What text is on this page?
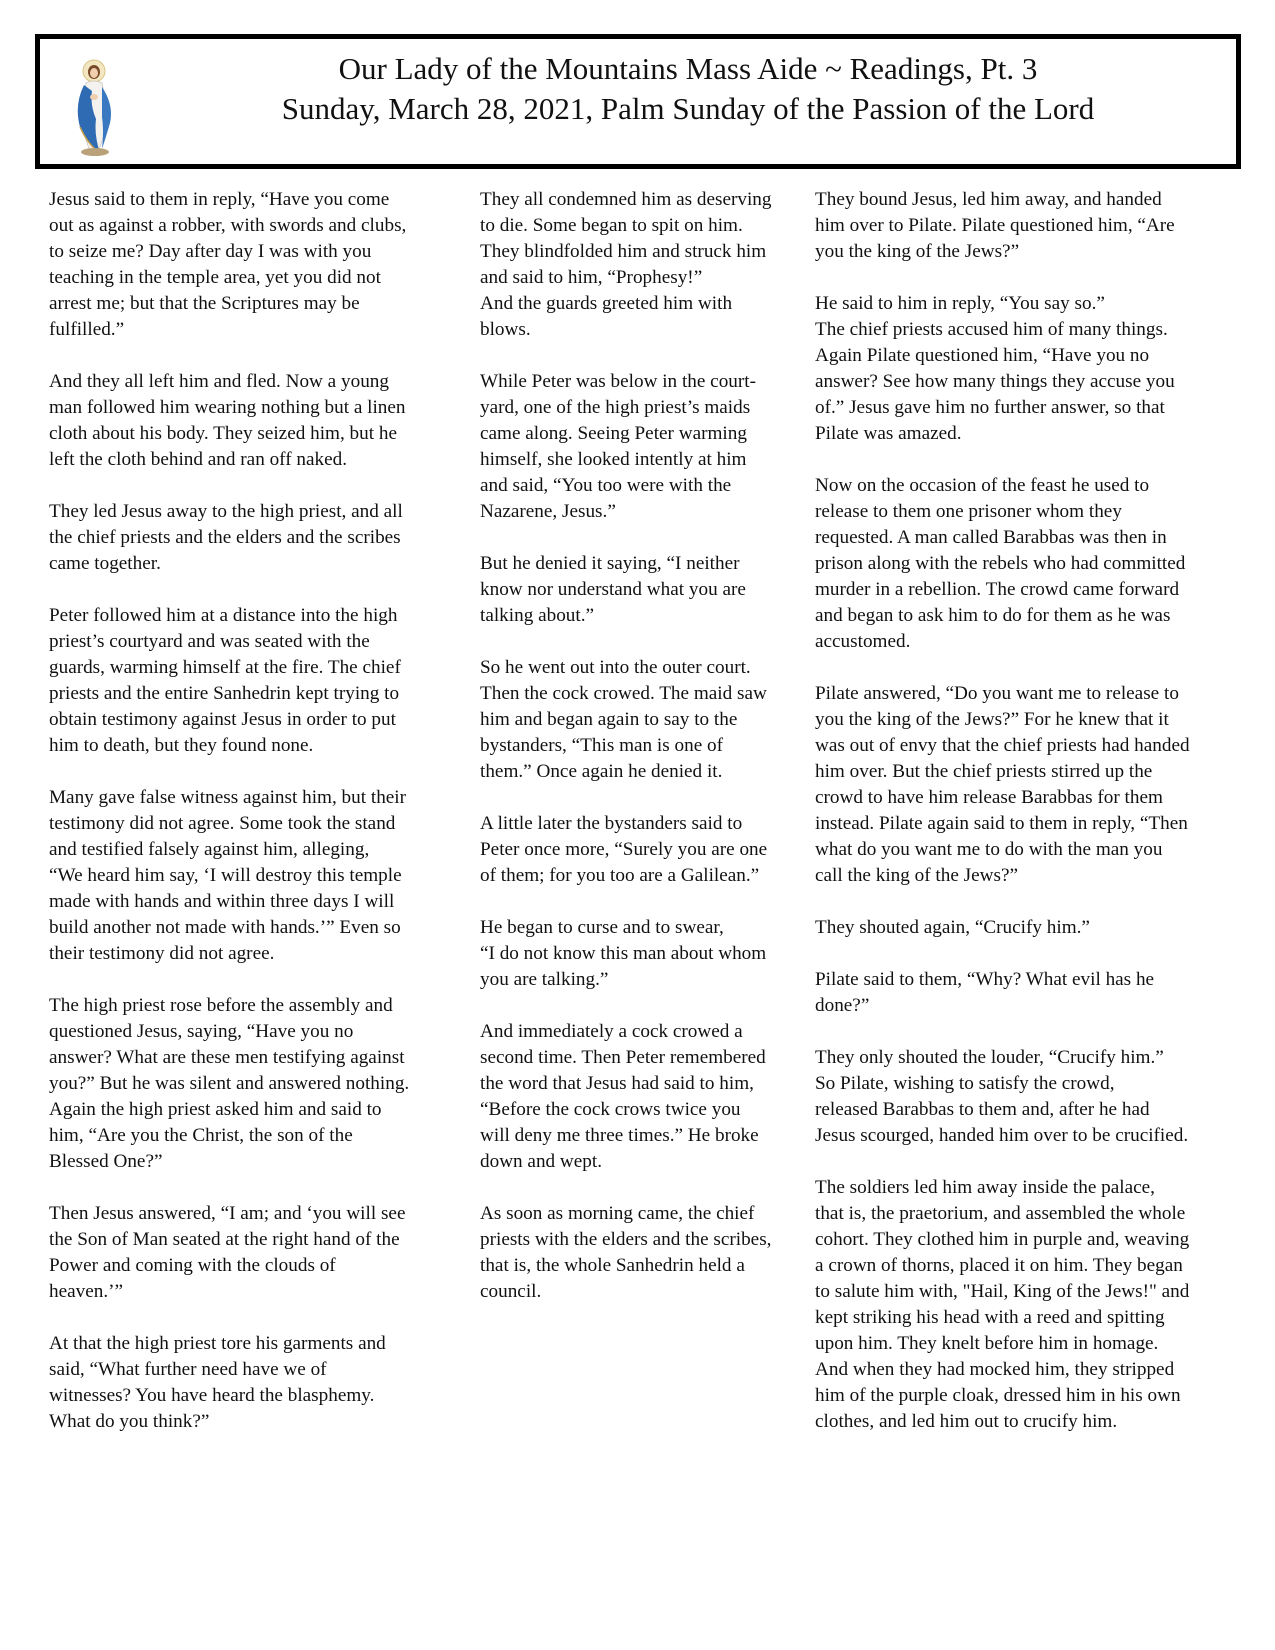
Our Lady of the Mountains Mass Aide ~ Readings, Pt. 3
Sunday, March 28, 2021, Palm Sunday of the Passion of the Lord

Jesus said to them in reply, “Have you come
out as against a robber, with swords and clubs,
to seize me? Day after day I was with you
teaching in the temple area, yet you did not
arrest me; but that the Scriptures may be
fulfilled.”

And they all left him and fled. Now a young
man followed him wearing nothing but a linen
cloth about his body. They seized him, but he
left the cloth behind and ran off naked.

They led Jesus away to the high priest, and all
the chief priests and the elders and the scribes
came together.

Peter followed him at a distance into the high
priest’s courtyard and was seated with the
guards, warming himself at the fire. The chief
priests and the entire Sanhedrin kept trying to
obtain testimony against Jesus in order to put
him to death, but they found none.

Many gave false witness against him, but their
testimony did not agree. Some took the stand
and testified falsely against him, alleging,
“We heard him say, ‘I will destroy this temple
made with hands and within three days I will
build another not made with hands.’” Even so
their testimony did not agree.

The high priest rose before the assembly and
questioned Jesus, saying, “Have you no
answer? What are these men testifying against
you?” But he was silent and answered nothing.
Again the high priest asked him and said to
him, “Are you the Christ, the son of the
Blessed One?”

Then Jesus answered, “I am; and ‘you will see
the Son of Man seated at the right hand of the
Power and coming with the clouds of
heaven.’”

At that the high priest tore his garments and
said, “What further need have we of
witnesses? You have heard the blasphemy.
What do you think?”

They all condemned him as deserving
to die. Some began to spit on him.
They blindfolded him and struck him
and said to him, “Prophesy!”
And the guards greeted him with
blows.

While Peter was below in the court-
yard, one of the high priest’s maids
came along. Seeing Peter warming
himself, she looked intently at him
and said, “You too were with the
Nazarene, Jesus.”

But he denied it saying, “I neither
know nor understand what you are
talking about.”

So he went out into the outer court.
Then the cock crowed. The maid saw
him and began again to say to the
bystanders, “This man is one of
them.” Once again he denied it.

A little later the bystanders said to
Peter once more, “Surely you are one
of them; for you too are a Galilean.”

He began to curse and to swear,
“I do not know this man about whom
you are talking.”

And immediately a cock crowed a
second time. Then Peter remembered
the word that Jesus had said to him,
“Before the cock crows twice you
will deny me three times.” He broke
down and wept.

As soon as morning came, the chief
priests with the elders and the scribes,
that is, the whole Sanhedrin held a
council.

They bound Jesus, led him away, and handed
him over to Pilate. Pilate questioned him, “Are
you the king of the Jews?”

He said to him in reply, “You say so.”
The chief priests accused him of many things.
Again Pilate questioned him, “Have you no
answer? See how many things they accuse you
of.” Jesus gave him no further answer, so that
Pilate was amazed.

Now on the occasion of the feast he used to
release to them one prisoner whom they
requested. A man called Barabbas was then in
prison along with the rebels who had committed
murder in a rebellion. The crowd came forward
and began to ask him to do for them as he was
accustomed.

Pilate answered, “Do you want me to release to
you the king of the Jews?” For he knew that it
was out of envy that the chief priests had handed
him over. But the chief priests stirred up the
crowd to have him release Barabbas for them
instead. Pilate again said to them in reply, “Then
what do you want me to do with the man you
call the king of the Jews?”

They shouted again, “Crucify him.”

Pilate said to them, “Why? What evil has he
done?”

They only shouted the louder, “Crucify him.”
So Pilate, wishing to satisfy the crowd,
released Barabbas to them and, after he had
Jesus scourged, handed him over to be crucified.

The soldiers led him away inside the palace,
that is, the praetorium, and assembled the whole
cohort. They clothed him in purple and, weaving
a crown of thorns, placed it on him. They began
to salute him with, "Hail, King of the Jews!" and
kept striking his head with a reed and spitting
upon him. They knelt before him in homage.
And when they had mocked him, they stripped
him of the purple cloak, dressed him in his own
clothes, and led him out to crucify him.
